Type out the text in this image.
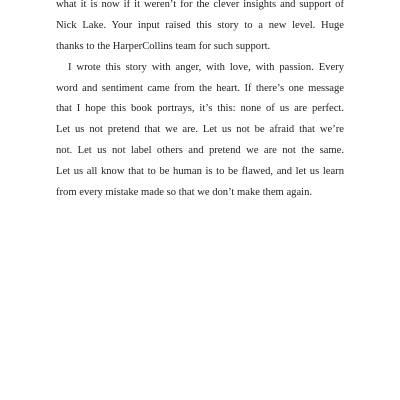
what it is now if it weren’t for the clever insights and support of
Nick Lake. Your input raised this story to a new level. Huge
thanks to the HarperCollins team for such support.
I wrote this story with anger, with love, with passion. Every
word and sentiment came from the heart. If there’s one message
that I hope this book portrays, it’s this: none of us are perfect.
Let us not pretend that we are. Let us not be afraid that we’re
not. Let us not label others and pretend we are not the same.
Let us all know that to be human is to be flawed, and let us learn
from every mistake made so that we don’t make them again.
